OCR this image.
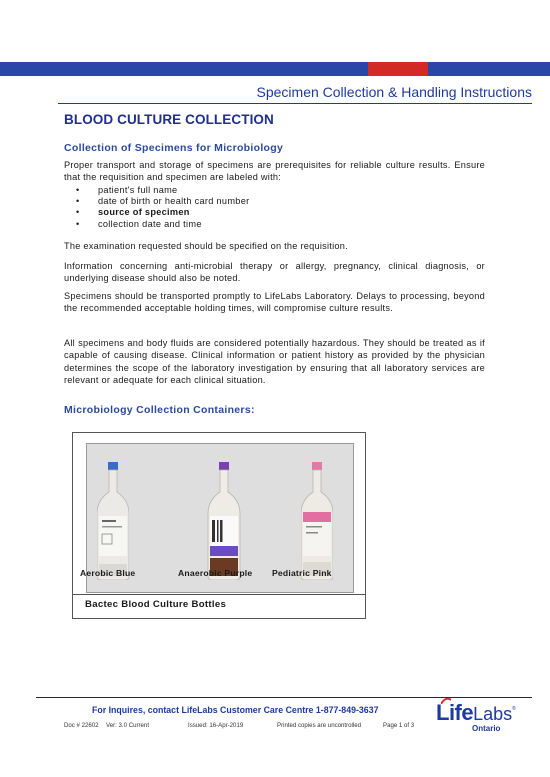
Specimen Collection & Handling Instructions
BLOOD CULTURE COLLECTION
Collection of Specimens for Microbiology
Proper transport and storage of specimens are prerequisites for reliable culture results. Ensure that the requisition and specimen are labeled with:
•	patient's full name
•	date of birth or health card number
•	source of specimen
•	collection date and time
The examination requested should be specified on the requisition.
Information concerning anti-microbial therapy or allergy, pregnancy, clinical diagnosis, or underlying disease should also be noted.
Specimens should be transported promptly to LifeLabs Laboratory. Delays to processing, beyond the recommended acceptable holding times, will compromise culture results.
All specimens and body fluids are considered potentially hazardous. They should be treated as if capable of causing disease. Clinical information or patient history as provided by the physician determines the scope of the laboratory investigation by ensuring that all laboratory services are relevant or adequate for each clinical situation.
Microbiology Collection Containers:
Aerobic Blue	Anaerobic Purple Pediatric Pink
Bactec Blood Culture Bottles
For Inquires, contact LifeLabs Customer Care Centre 1-877-849-3637
Doc # 22602 Ver: 3.0 Current	Issued: 16-Apr-2019	Printed copies are uncontrolled	Page 1 of 3
LifeLabs ®
Ontario
